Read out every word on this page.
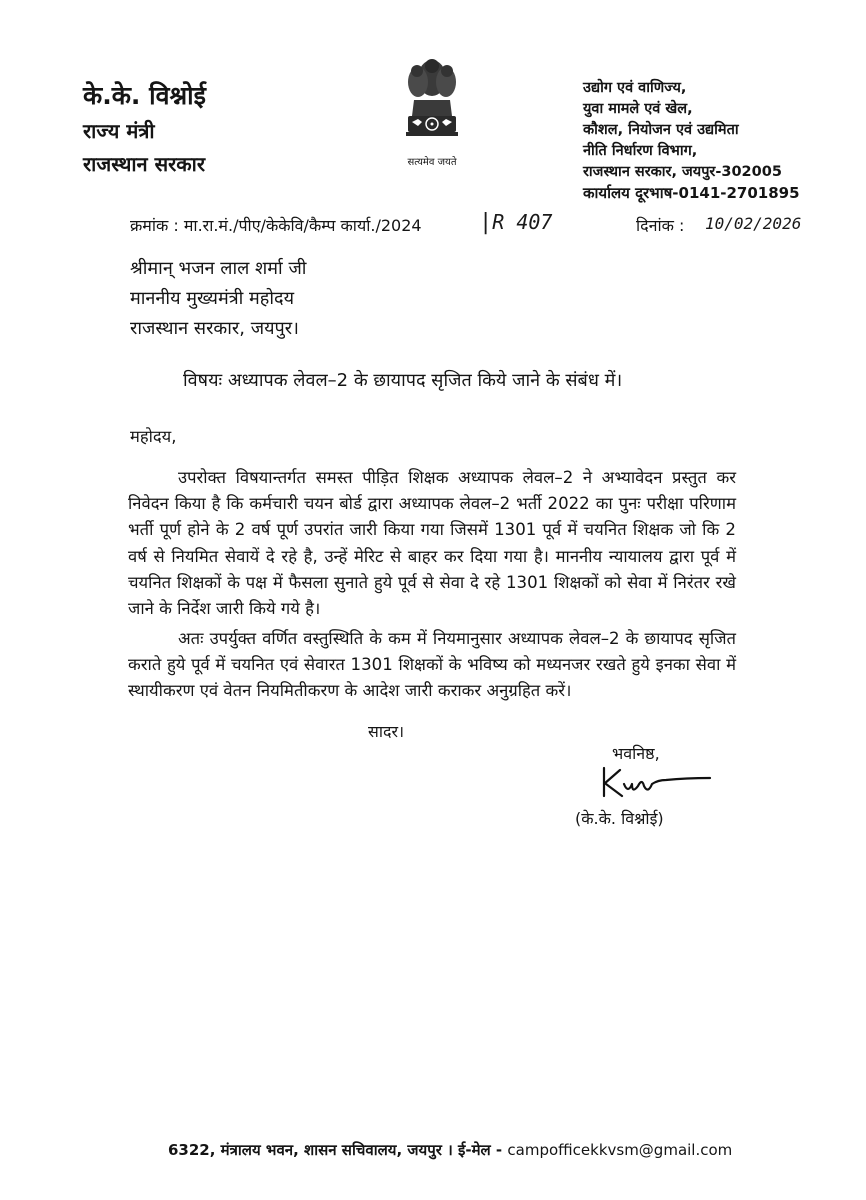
के.के. विश्नोई
राज्य मंत्री
राजस्थान सरकार	सत्यमेव जयते
उद्योग एवं वाणिज्य,
युवा मामले एवं खेल,
कौशल, नियोजन एवं उद्यमिता
नीति निर्धारण विभाग,
राजस्थान सरकार, जयपुर-302005
कार्यालय दूरभाष-0141-2701895
क्रमांक : मा.रा.मं./पीए/केकेवि/कैम्प कार्या./2024	|R 407	दिनांक : 10/02/2026
श्रीमान् भजन लाल शर्मा जी
माननीय मुख्यमंत्री महोदय
राजस्थान सरकार, जयपुर।
विषयः अध्यापक लेवल–2 के छायापद सृजित किये जाने के संबंध में।
महोदय,
उपरोक्त विषयान्तर्गत समस्त पीड़ित शिक्षक अध्यापक लेवल–2 ने अभ्यावेदन प्रस्तुत कर निवेदन किया है कि कर्मचारी चयन बोर्ड द्वारा अध्यापक लेवल–2 भर्ती 2022 का पुनः परीक्षा परिणाम भर्ती पूर्ण होने के 2 वर्ष पूर्ण उपरांत जारी किया गया जिसमें 1301 पूर्व में चयनित शिक्षक जो कि 2 वर्ष से नियमित सेवायें दे रहे है, उन्हें मेरिट से बाहर कर दिया गया है। माननीय न्यायालय द्वारा पूर्व में चयनित शिक्षकों के पक्ष में फैसला सुनाते हुये पूर्व से सेवा दे रहे 1301 शिक्षकों को सेवा में निरंतर रखे जाने के निर्देश जारी किये गये है।
अतः उपर्युक्त वर्णित वस्तुस्थिति के कम में नियमानुसार अध्यापक लेवल–2 के छायापद सृजित कराते हुये पूर्व में चयनित एवं सेवारत 1301 शिक्षकों के भविष्य को मध्यनजर रखते हुये इनका सेवा में स्थायीकरण एवं वेतन नियमितीकरण के आदेश जारी कराकर अनुग्रहित करें।
सादर।
भवनिष्ठ,
(के.के. विश्नोई)
6322, मंत्रालय भवन, शासन सचिवालय, जयपुर । ई-मेल - campofficekkvsm@gmail.com
